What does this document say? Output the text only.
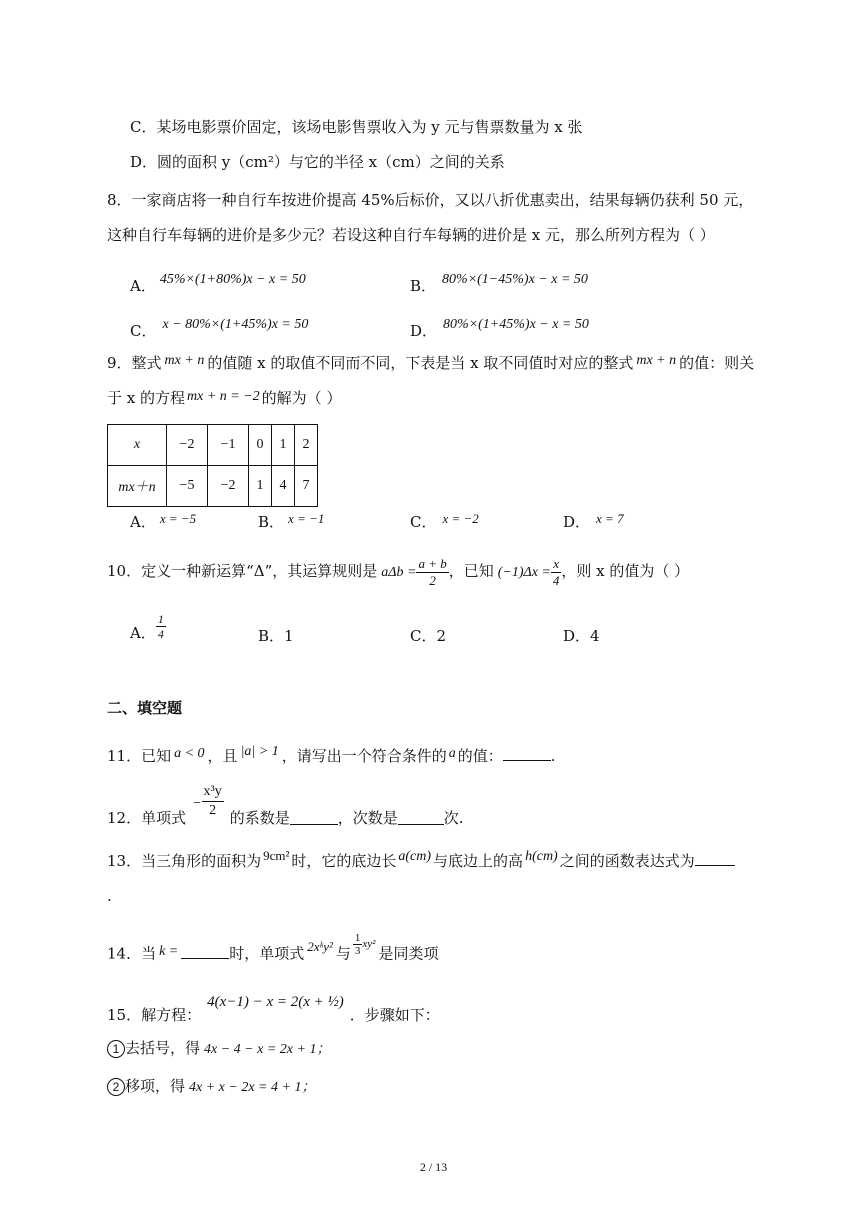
C．某场电影票价固定，该场电影售票收入为 y 元与售票数量为 x 张
D．圆的面积 y（cm²）与它的半径 x（cm）之间的关系
8．一家商店将一种自行车按进价提高 45%后标价，又以八折优惠卖出，结果每辆仍获利 50 元，
这种自行车每辆的进价是多少元？若设这种自行车每辆的进价是 x 元，那么所列方程为（ ）
A． 45%×(1+80%)x − x = 50	B． 80%×(1−45%)x − x = 50
C． x − 80%×(1+45%)x = 50	D． 80%×(1+45%)x − x = 50
9．整式 mx + n 的值随 x 的取值不同而不同，下表是当 x 取不同值时对应的整式 mx + n 的值：则关
于 x 的方程 mx + n = −2 的解为（ ）
x	−2	−1	0	1	2
mx＋n	−5	−2	1	4	7
A． x = −5	B． x = −1	C． x = −2	D． x = 7
10．定义一种新运算“Δ”，其运算规则是 $a\Delta b = \frac{a + b}{2}$ ，已知 $(-1)\Delta x = \frac{x}{4}$ ，则 x 的值为（ ）
A． $\frac{1}{4}$	B．1	C．2	D．4
二、填空题
11．已知 a < 0 ，且 |a| > 1 ，请写出一个符合条件的 a 的值：	.
12．单项式− $\frac{\text{x³y}}{2}$ 的系数是	，次数是	次.
13．当三角形的面积为 9cm² 时，它的底边长 a(cm) 与底边上的高 h(cm) 之间的函数表达式为
.
14．当 k =	时，单项式 2xᵏy² 与 $\frac{1}{3} ^{xy^2}$是同类项
15．解方程：4(x−1) − x = 2(x + ½)．步骤如下：
1 去括号，得 4x − 4 − x = 2x + 1；
2 移项，得 4x + x − 2x = 4 + 1；
2 / 13
